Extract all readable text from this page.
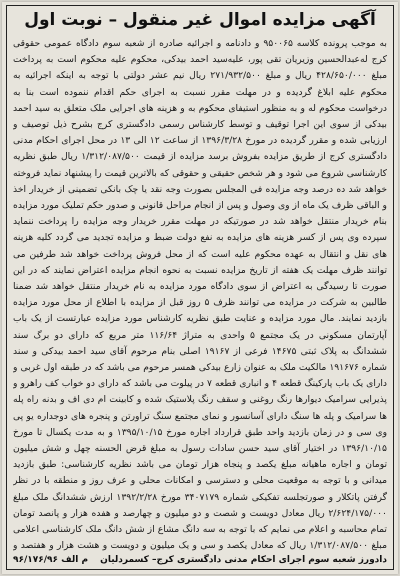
آگهی مزایده اموال غیر منقول – نوبت اول
به موجب پرونده کلاسه ۹۵۰۰۶۵ و دادنامه و اجرائیه صادره از شعبه سوم دادگاه عمومی حقوقی کرج له‌عبدالحسین وزیریان تقی پور، علیه‌سید احمد بیدکی، محکوم علیه محکوم است به پرداخت مبلغ ۴۲۸/۶۵۰/۰۰۰ ریال و مبلغ ۲۷۱/۹۳۲/۵۰۰ ریال نیم عشر دولتی با توجه به اینکه اجرائیه به محکوم علیه ابلاغ گردیده و در مهلت مقرر نسبت به اجرای حکم اقدام ننموده است بنا به درخواست محکوم له و به منظور استیفای محکوم به و هزینه های اجرایی ملک متعلق به سید احمد بیدکی از سوی این اجرا توقیف و توسط کارشناس رسمی دادگستری کرج بشرح ذیل توصیف و ارزیابی شده و مقرر گردیده در مورخ ۱۳۹۶/۳/۲۸ از ساعت ۱۲ الی ۱۳ در محل اجرای احکام مدنی دادگستری کرج از طریق مزایده بفروش برسد مزایده از قیمت ۱/۳۱۲/۰۸۷/۵۰۰ ریال طبق نظریه کارشناسی شروع می شود و هر شخص حقیقی و حقوقی که بالاترین قیمت را پیشنهاد نماید فروخته خواهد شد ده درصد وجه مزایده فی المجلس بصورت وجه نقد یا چک بانکی تضمینی از خریدار اخذ و الباقی ظرف یک ماه از وی وصول و پس از انجام مراحل قانونی و صدور حکم تملیک مورد مزایده بنام خریدار منتقل خواهد شد در صورتیکه در مهلت مقرر خریدار وجه مزایده را پرداخت ننماید سپرده وی پس از کسر هزینه های مزایده به نفع دولت ضبط و مزایده تجدید می گردد کلیه هزینه های نقل و انتقال به عهده محکوم علیه است که از محل فروش پرداخت خواهد شد طرفین می توانند ظرف مهلت یک هفته از تاریخ مزایده نسبت به نحوه انجام مزایده اعتراض نمایند که در این صورت تا رسیدگی به اعتراض از سوی دادگاه مورد مزایده به نام خریدار منتقل خواهد شد ضمنا طالبین به شرکت در مزایده می توانند ظرف ۵ روز قبل از مزایده با اطلاع از محل مورد مزایده بازدید نمایند. مال مورد مزایده و عنایت طبق نظریه کارشناس مورد مزایده عبارتست از یک باب آپارتمان مسکونی در یک مجتمع ۵ واحدی به متراژ ۱۱۶/۶۴ متر مربع که دارای دو برگ سند ششدانگ به پلاک ثبتی ۱۴۶۷۵ فرعی از ۱۹۱۶۷ اصلی بنام مرحوم آقای سید احمد بیدکی و سند شماره ۱۹۱۶۷۶ مالکیت ملک به عنوان زارع بیدکی همسر مرحوم می باشد که در طبقه اول غربی و دارای یک باب پارکینگ قطعه ۴ و انباری قطعه ۷ در پیلوت می باشد که دارای دو خواب کف راهرو و پذیرایی سرامیک دیوارها رنگ روغنی و سقف رنگ پلاستیک شده و کابینت ام دی اف و بدنه راه پله ها سرامیک و پله ها سنگ دارای آسانسور و نمای مجتمع سنگ تراورتن و پنجره های دوجداره یو پی وی سی و در زمان بازدید واحد طبق قرارداد اجاره مورخ ۱۳۹۵/۱۰/۱۵ و به مدت یکسال تا مورخ ۱۳۹۶/۱۰/۱۵ در اختیار آقای سید حسن سادات رسول به مبلغ قرض الحسنه چهل و شش میلیون تومان و اجاره ماهیانه مبلغ یکصد و پنجاه هزار تومان می باشد نظریه کارشناسی: طبق بازدید میدانی و با توجه به موقعیت محلی و دسترسی و امکانات محلی و عرف روز و منطقه با در نظر گرفتن پاتکلار و صورتجلسه تفکیکی شماره ۳۴۰۷۱۷۹ مورخ ۱۳۹۲/۲/۲۸ ارزش ششدانگ ملک مبلغ ۲/۶۲۴/۱۷۵/۰۰۰ ریال معادل دویست و شصت و دو میلیون و چهارصد و هفده هزار و پانصد تومان تمام محاسبه و اعلام می نمایم که با توجه به سه دانگ مشاع از شش دانگ ملک کارشناسی اعلامی مبلغ ۱/۳۱۲/۰۸۷/۵۰۰ ریال که معادل یکصد و سی و یک میلیون و دویست و هشت هزار و هفتصد و
دادورز شعبه سوم اجرای احکام مدنی دادگستری کرج– کسمردلیان
م الف ۹۶/۱۷۶/۹۶
